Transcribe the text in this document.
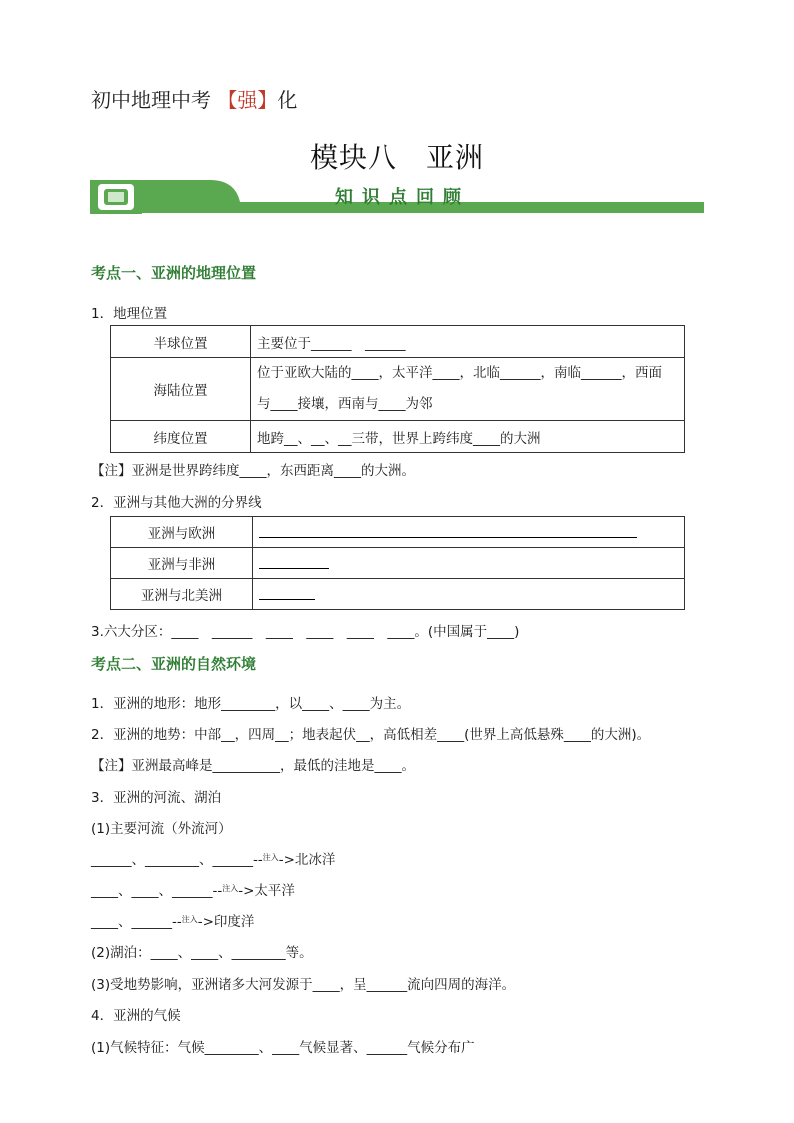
初中地理中考 【强】化
模块八　亚洲
知识点回顾
考点一、亚洲的地理位置
1．地理位置
半球位置	主要位于______　______
海陆位置	位于亚欧大陆的____，太平洋____，北临______，南临______，西面
与____接壤，西南与____为邻

纬度位置	地跨__、__、__三带，世界上跨纬度____的大洲
【注】亚洲是世界跨纬度____，东西距离____的大洲。
2．亚洲与其他大洲的分界线
亚洲与欧洲	
亚洲与非洲	
亚洲与北美洲	
3.六大分区：____　______　____　____　____　____。(中国属于____)
考点二、亚洲的自然环境
1．亚洲的地形：地形________，以____、____为主。
2．亚洲的地势：中部__，四周__；地表起伏__，高低相差____(世界上高低悬殊____的大洲)。
【注】亚洲最高峰是__________，最低的洼地是____。
3．亚洲的河流、湖泊
(1)主要河流（外流河）
______、________、______--$^{注入}$->北冰洋
____、____、______--$^{注入}$->太平洋
____、______--$^{注入}$->印度洋
(2)湖泊：____、____、________等。
(3)受地势影响，亚洲诸多大河发源于____，呈______流向四周的海洋。
4．亚洲的气候
(1)气候特征：气候________、____气候显著、______气候分布广
